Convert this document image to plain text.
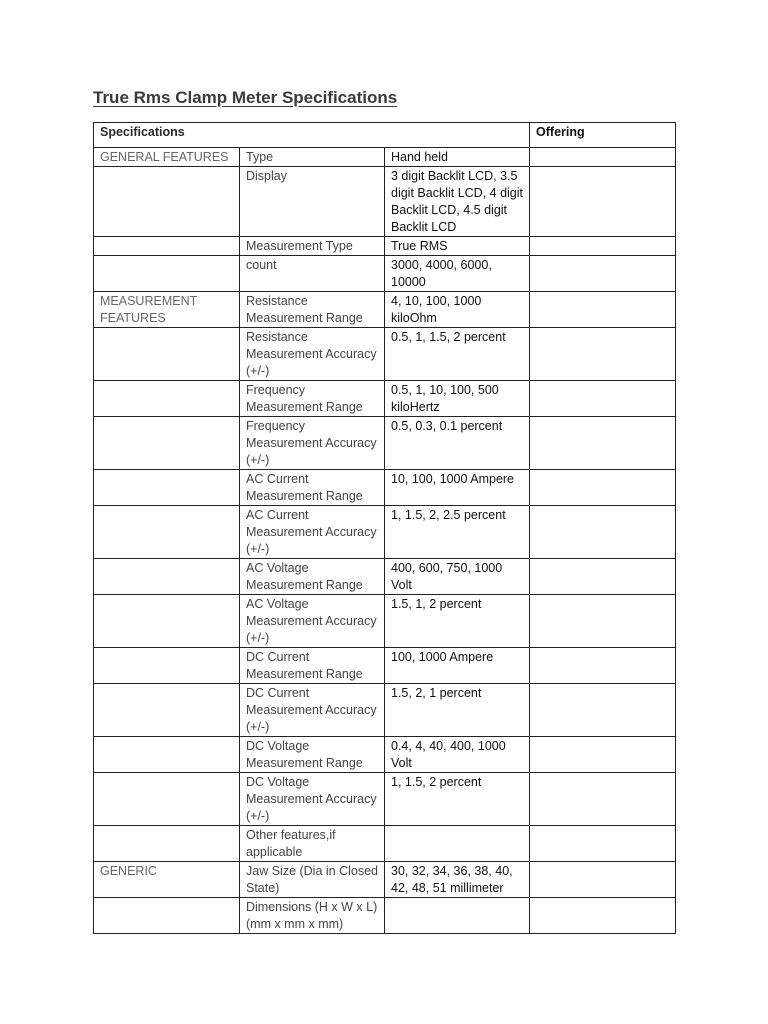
True Rms Clamp Meter Specifications
Specifications			Offering
GENERAL FEATURES	Type	Hand held	
	Display	3 digit Backlit LCD, 3.5 digit Backlit LCD, 4 digit Backlit LCD, 4.5 digit Backlit LCD	
	Measurement Type	True RMS	
	count	3000, 4000, 6000, 10000	
MEASUREMENT FEATURES	Resistance Measurement Range	4, 10, 100, 1000 kiloOhm	
	Resistance Measurement Accuracy (+/-)	0.5, 1, 1.5, 2 percent	
	Frequency Measurement Range	0.5, 1, 10, 100, 500 kiloHertz	
	Frequency Measurement Accuracy (+/-)	0.5, 0.3, 0.1 percent	
	AC Current Measurement Range	10, 100, 1000 Ampere	
	AC Current Measurement Accuracy (+/-)	1, 1.5, 2, 2.5 percent	
	AC Voltage Measurement Range	400, 600, 750, 1000 Volt	
	AC Voltage Measurement Accuracy (+/-)	1.5, 1, 2 percent	
	DC Current Measurement Range	100, 1000 Ampere	
	DC Current Measurement Accuracy (+/-)	1.5, 2, 1 percent	
	DC Voltage Measurement Range	0.4, 4, 40, 400, 1000 Volt	
	DC Voltage Measurement Accuracy (+/-)	1, 1.5, 2 percent	
	Other features,if applicable		
GENERIC	Jaw Size (Dia in Closed State)	30, 32, 34, 36, 38, 40, 42, 48, 51 millimeter	
	Dimensions (H x W x L) (mm x mm x mm)		
